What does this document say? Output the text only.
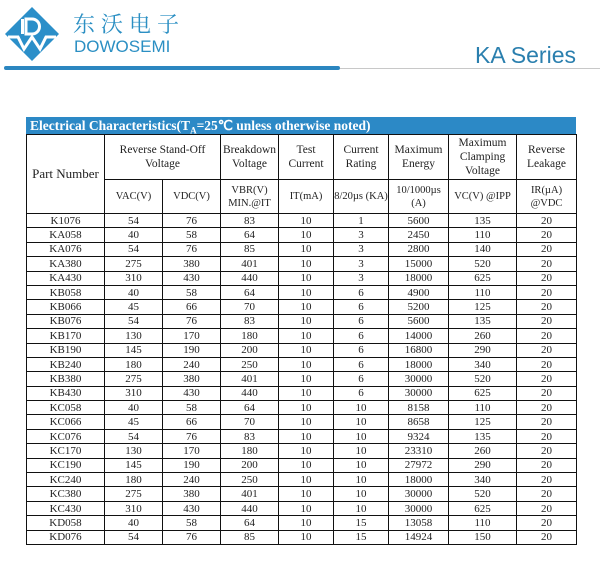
东沃电子
DOWOSEMI	KA Series
Electrical $Characteristics(T_A=25℃$ unless otherwise noted)
Part Number	Reverse Stand-Off Voltage		Breakdown Voltage	Test Current	Current Rating	Maximum Energy	Maximum Clamping Voltage	Reverse Leakage
	VAC(V)	VDC(V)	VBR(V) MIN.@IT	IT(mA)	8/20µs (KA)	10/1000µs (A)	VC(V) @IPP	IR(µA) @VDC
K1076	54	76	83	10	1	5600	135	20
KA058	40	58	64	10	3	2450	110	20
KA076	54	76	85	10	3	2800	140	20
KA380	275	380	401	10	3	15000	520	20
KA430	310	430	440	10	3	18000	625	20
KB058	40	58	64	10	6	4900	110	20
KB066	45	66	70	10	6	5200	125	20
KB076	54	76	83	10	6	5600	135	20
KB170	130	170	180	10	6	14000	260	20
KB190	145	190	200	10	6	16800	290	20
KB240	180	240	250	10	6	18000	340	20
KB380	275	380	401	10	6	30000	520	20
KB430	310	430	440	10	6	30000	625	20
KC058	40	58	64	10	10	8158	110	20
KC066	45	66	70	10	10	8658	125	20
KC076	54	76	83	10	10	9324	135	20
KC170	130	170	180	10	10	23310	260	20
KC190	145	190	200	10	10	27972	290	20
KC240	180	240	250	10	10	18000	340	20
KC380	275	380	401	10	10	30000	520	20
KC430	310	430	440	10	10	30000	625	20
KD058	40	58	64	10	15	13058	110	20
KD076	54	76	85	10	15	14924	150	20
